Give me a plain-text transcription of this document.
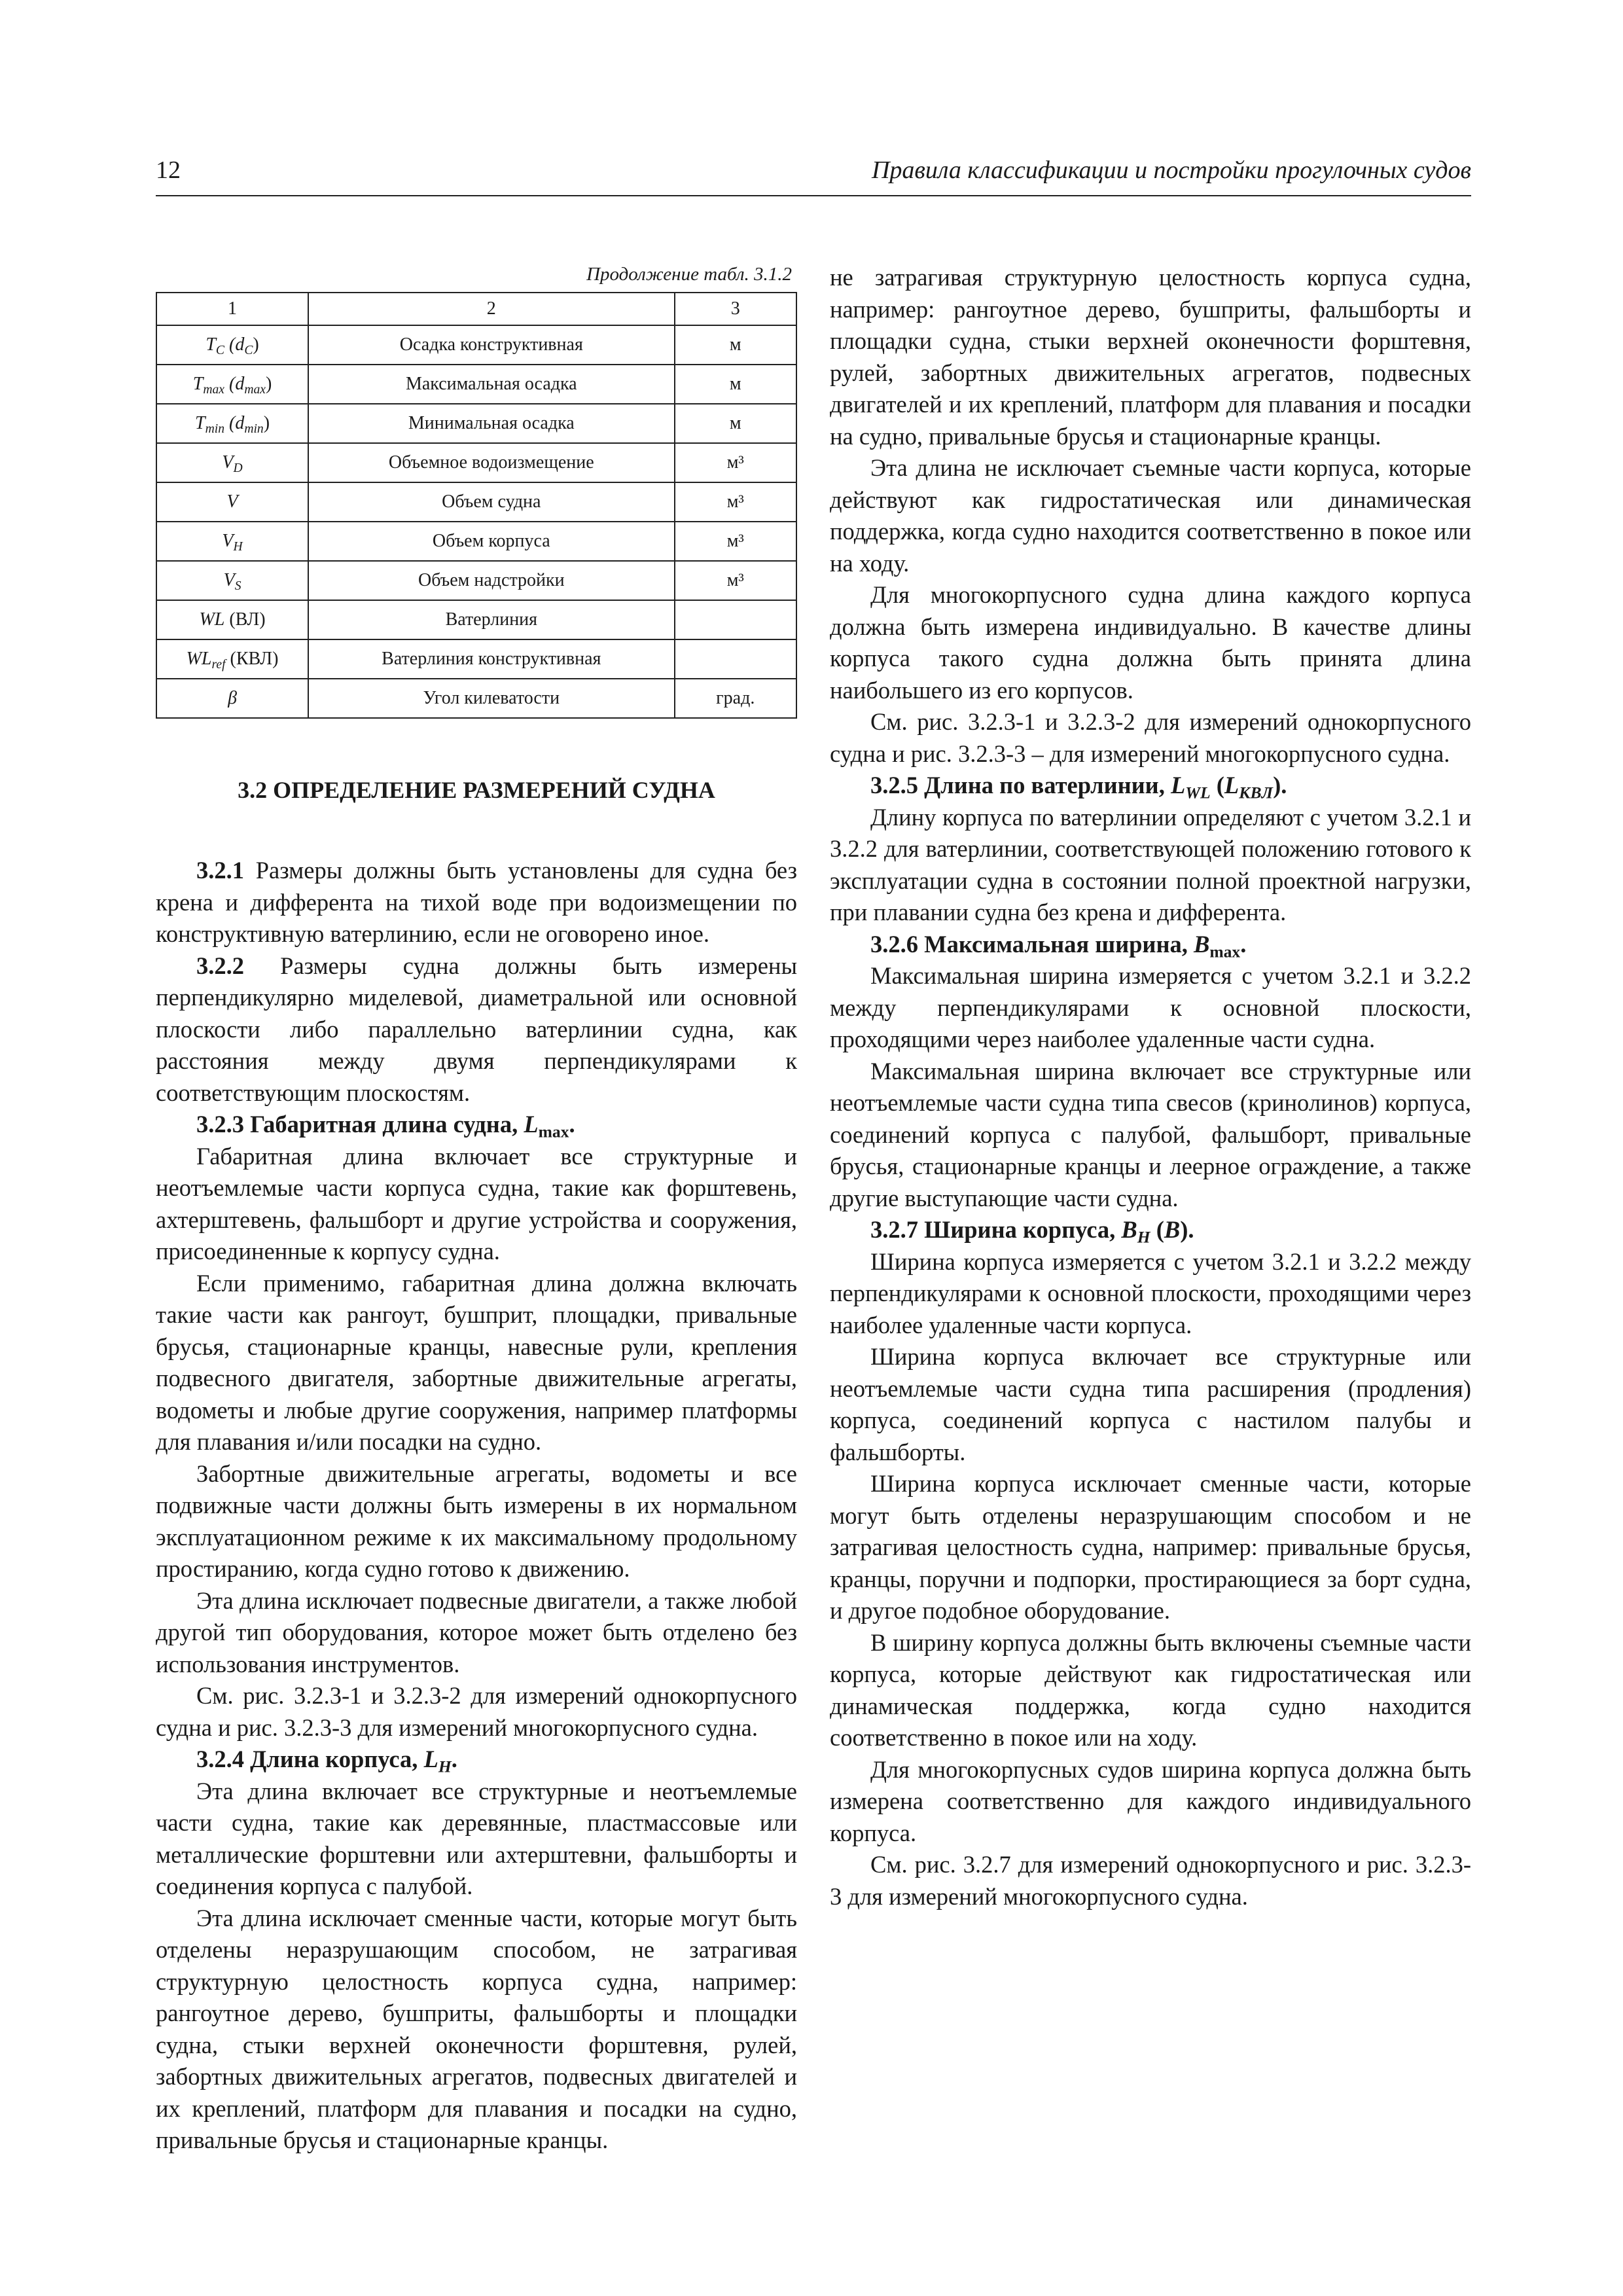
12	Правила классификации и постройки прогулочных судов
Продолжение табл. 3.1.2
1	2	3
$T_C$ $(d_C)$	Осадка конструктивная	м
$T_{max}$ $(d_{max})$	Максимальная осадка	м
$T_{min}$ $(d_{min})$	Минимальная осадка	м
$V_D$	Объемное водоизмещение	м³
V	Объем судна	м³
$V_H$	Объем корпуса	м³
$V_S$	Объем надстройки	м³
WL (ВЛ)	Ватерлиния	
$WL_{ref}$ (КВЛ)	Ватерлиния конструктивная	
β	Угол килеватости	град.
3.2 ОПРЕДЕЛЕНИЕ РАЗМЕРЕНИЙ СУДНА

3.2.1 Размеры должны быть установлены для судна без крена и дифферента на тихой воде при водоизмещении по конструктивную ватерлинию, если не оговорено иное.

3.2.2 Размеры судна должны быть измерены перпендикулярно миделевой, диаметральной или основной плоскости либо параллельно ватерлинии судна, как расстояния между двумя перпендикулярами к соответствующим плоскостям.

3.2.3 Габаритная длина судна, $L_{max}$.

Габаритная длина включает все структурные и неотъемлемые части корпуса судна, такие как форштевень, ахтерштевень, фальшборт и другие устройства и сооружения, присоединенные к корпусу судна.

Если применимо, габаритная длина должна включать такие части как рангоут, бушприт, площадки, привальные брусья, стационарные кранцы, навесные рули, крепления подвесного двигателя, забортные движительные агрегаты, водометы и любые другие сооружения, например платформы для плавания и/или посадки на судно.

Забортные движительные агрегаты, водометы и все подвижные части должны быть измерены в их нормальном эксплуатационном режиме к их максимальному продольному простиранию, когда судно готово к движению.

Эта длина исключает подвесные двигатели, а также любой другой тип оборудования, которое может быть отделено без использования инструментов.

См. рис. 3.2.3-1 и 3.2.3-2 для измерений однокорпусного судна и рис. 3.2.3-3 для измерений многокорпусного судна.

3.2.4 Длина корпуса, $L_H$.

Эта длина включает все структурные и неотъемлемые части судна, такие как деревянные, пластмассовые или металлические форштевни или ахтерштевни, фальшборты и соединения корпуса с палубой.

Эта длина исключает сменные части, которые могут быть отделены неразрушающим способом, не затрагивая структурную целостность корпуса судна, например: рангоутное дерево, бушприты, фальшборты и площадки судна, стыки верхней оконечности форштевня, рулей, забортных движительных агрегатов, подвесных двигателей и их креплений, платформ для плавания и посадки на судно, привальные брусья и стационарные кранцы.

не затрагивая структурную целостность корпуса судна, например: рангоутное дерево, бушприты, фальшборты и площадки судна, стыки верхней оконечности форштевня, рулей, забортных движительных агрегатов, подвесных двигателей и их креплений, платформ для плавания и посадки на судно, привальные брусья и стационарные кранцы.

Эта длина не исключает съемные части корпуса, которые действуют как гидростатическая или динамическая поддержка, когда судно находится соответственно в покое или на ходу.

Для многокорпусного судна длина каждого корпуса должна быть измерена индивидуально. В качестве длины корпуса такого судна должна быть принята длина наибольшего из его корпусов.

См. рис. 3.2.3-1 и 3.2.3-2 для измерений однокорпусного судна и рис. 3.2.3-3 – для измерений многокорпусного судна.

3.2.5 Длина по ватерлинии, $L_{WL}$ $(L_{КВЛ})$.

Длину корпуса по ватерлинии определяют с учетом 3.2.1 и 3.2.2 для ватерлинии, соответствующей положению готового к эксплуатации судна в состоянии полной проектной нагрузки, при плавании судна без крена и дифферента.

3.2.6 Максимальная ширина, $B_{max}$.

Максимальная ширина измеряется с учетом 3.2.1 и 3.2.2 между перпендикулярами к основной плоскости, проходящими через наиболее удаленные части судна.

Максимальная ширина включает все структурные или неотъемлемые части судна типа свесов (кринолинов) корпуса, соединений корпуса с палубой, фальшборт, привальные брусья, стационарные кранцы и леерное ограждение, а также другие выступающие части судна.

3.2.7 Ширина корпуса, $B_H$ (B).

Ширина корпуса измеряется с учетом 3.2.1 и 3.2.2 между перпендикулярами к основной плоскости, проходящими через наиболее удаленные части корпуса.

Ширина корпуса включает все структурные или неотъемлемые части судна типа расширения (продления) корпуса, соединений корпуса с настилом палубы и фальшборты.

Ширина корпуса исключает сменные части, которые могут быть отделены неразрушающим способом и не затрагивая целостность судна, например: привальные брусья, кранцы, поручни и подпорки, простирающиеся за борт судна, и другое подобное оборудование.

В ширину корпуса должны быть включены съемные части корпуса, которые действуют как гидростатическая или динамическая поддержка, когда судно находится соответственно в покое или на ходу.

Для многокорпусных судов ширина корпуса должна быть измерена соответственно для каждого индивидуального корпуса.

См. рис. 3.2.7 для измерений однокорпусного и рис. 3.2.3-3 для измерений многокорпусного судна.
